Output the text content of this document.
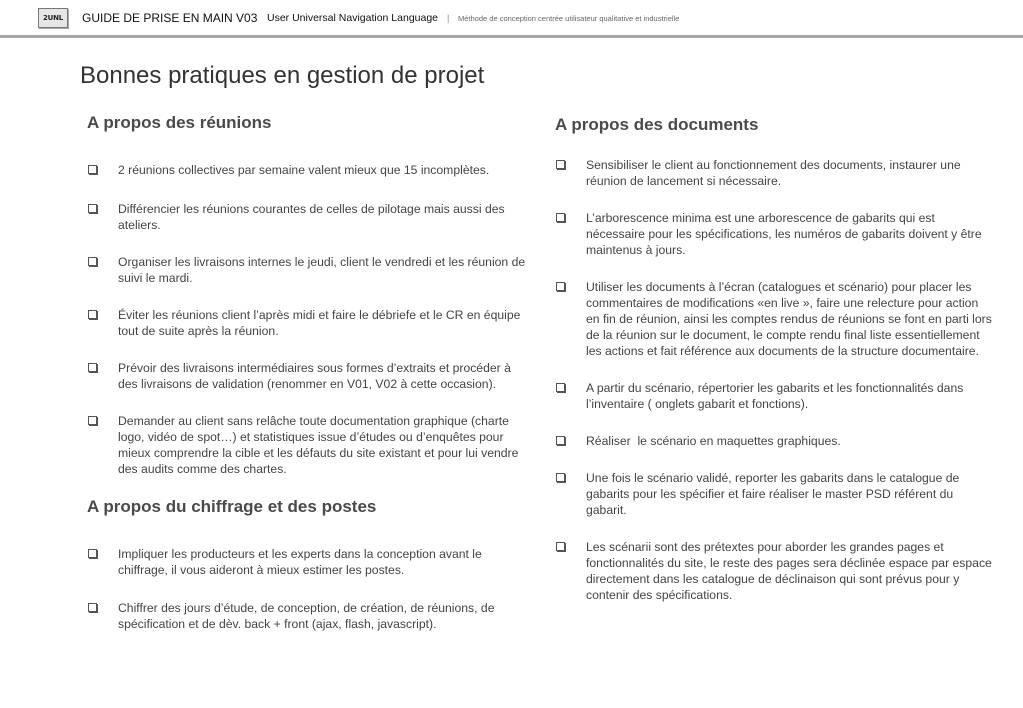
2UNL	GUIDE DE PRISE EN MAIN V03 User Universal Navigation Language | Méthode de conception centrée utilisateur qualitative et industrielle
Bonnes pratiques en gestion de projet
A propos des réunions
2 réunions collectives par semaine valent mieux que 15 incomplètes.
Différencier les réunions courantes de celles de pilotage mais aussi des ateliers.
Organiser les livraisons internes le jeudi, client le vendredi et les réunion de suivi le mardi.
Éviter les réunions client l’après midi et faire le débriefe et le CR en équipe tout de suite après la réunion.
Prévoir des livraisons intermédiaires sous formes d’extraits et procéder à des livraisons de validation (renommer en V01, V02 à cette occasion).
Demander au client sans relâche toute documentation graphique (charte logo, vidéo de spot…) et statistiques issue d’études ou d’enquêtes pour mieux comprendre la cible et les défauts du site existant et pour lui vendre des audits comme des chartes.
A propos du chiffrage et des postes
Impliquer les producteurs et les experts dans la conception avant le chiffrage, il vous aideront à mieux estimer les postes.
Chiffrer des jours d’étude, de conception, de création, de réunions, de spécification et de dèv. back + front (ajax, flash, javascript).
A propos des documents
Sensibiliser le client au fonctionnement des documents, instaurer une réunion de lancement si nécessaire.
L’arborescence minima est une arborescence de gabarits qui est nécessaire pour les spécifications, les numéros de gabarits doivent y être maintenus à jours.
Utiliser les documents à l’écran (catalogues et scénario) pour placer les commentaires de modifications «en live », faire une relecture pour action en fin de réunion, ainsi les comptes rendus de réunions se font en parti lors de la réunion sur le document, le compte rendu final liste essentiellement les actions et fait référence aux documents de la structure documentaire.
A partir du scénario, répertorier les gabarits et les fonctionnalités dans l’inventaire ( onglets gabarit et fonctions).
Réaliser  le scénario en maquettes graphiques.
Une fois le scénario validé, reporter les gabarits dans le catalogue de gabarits pour les spécifier et faire réaliser le master PSD référent du gabarit.
Les scénarii sont des prétextes pour aborder les grandes pages et fonctionnalités du site, le reste des pages sera déclinée espace par espace directement dans les catalogue de déclinaison qui sont prévus pour y contenir des spécifications.
